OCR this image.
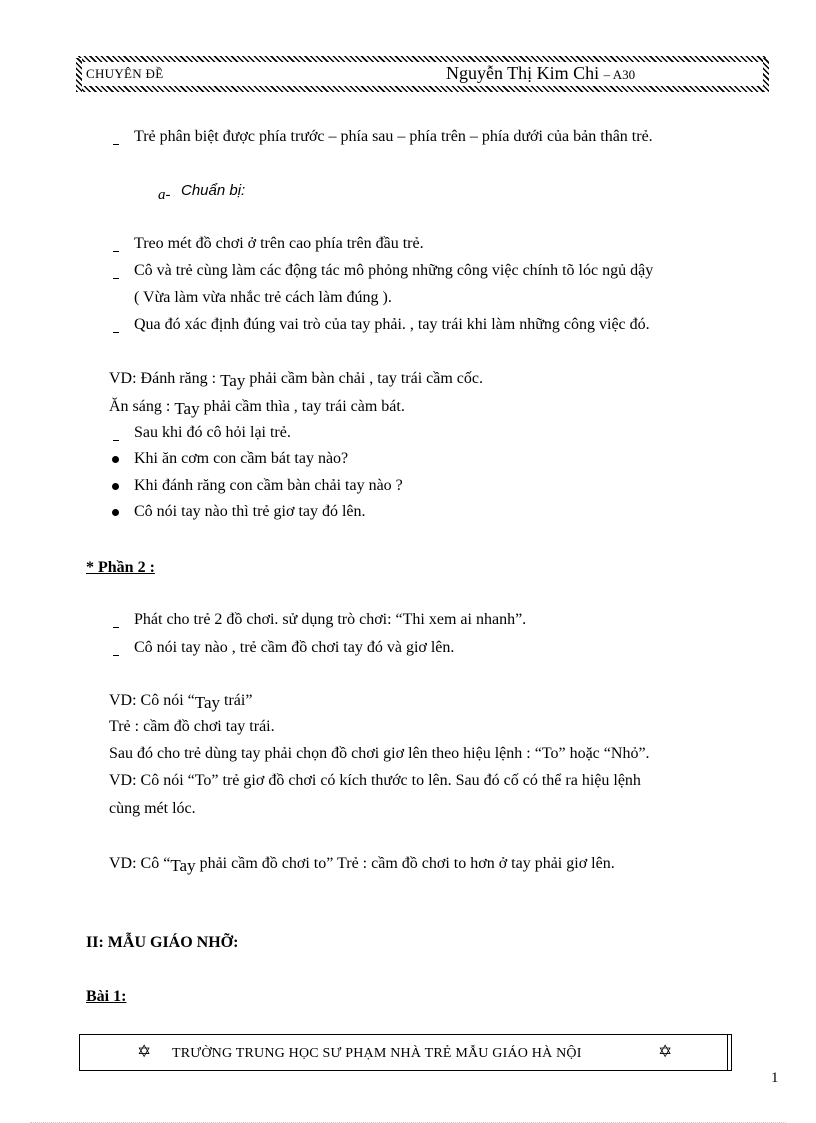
CHUYÊN ĐỀ	Nguyễn Thị Kim Chi – A30
Trẻ phân biệt được phía trước – phía sau – phía trên – phía dưới của bản thân trẻ.
a- Chuẩn bị:
Treo mét đồ chơi ở trên cao phía trên đầu trẻ.
Cô và trẻ cùng làm các động tác mô phỏng những công việc chính tõ lóc ngủ dậy
( Vừa làm vừa nhắc trẻ cách làm đúng ).
Qua đó xác định đúng vai trò của tay phải. , tay trái khi làm những công việc đó.
VD: Đánh răng : Tay phải cầm bàn chải , tay trái cầm cốc.
Ăn sáng : Tay phải cầm thìa , tay trái càm bát.
Sau khi đó cô hỏi lại trẻ.
Khi ăn cơm con cầm bát tay nào?
Khi đánh răng con cầm bàn chải tay nào ?
Cô nói tay nào thì trẻ giơ tay đó lên.
* Phần 2 :
Phát cho trẻ 2 đồ chơi. sử dụng trò chơi: “Thi xem ai nhanh”.
Cô nói tay nào , trẻ cầm đồ chơi tay đó và giơ lên.
VD: Cô nói “Tay trái”
Trẻ : cầm đồ chơi tay trái.
Sau đó cho trẻ dùng tay phải chọn đồ chơi giơ lên theo hiệu lệnh : “To” hoặc “Nhỏ”.
VD: Cô nói “To” trẻ giơ đồ chơi có kích thước to lên. Sau đó cố có thể ra hiệu lệnh
cùng mét lóc.
VD: Cô “Tay phải cầm đồ chơi to” Trẻ : cầm đồ chơi to hơn ở tay phải giơ lên.
II: MẪU GIÁO NHỠ:
Bài 1:
✡ TRƯỜNG TRUNG HỌC SƯ PHẠM NHÀ TRẺ MẪU GIÁO HÀ NỘI	✡
1
